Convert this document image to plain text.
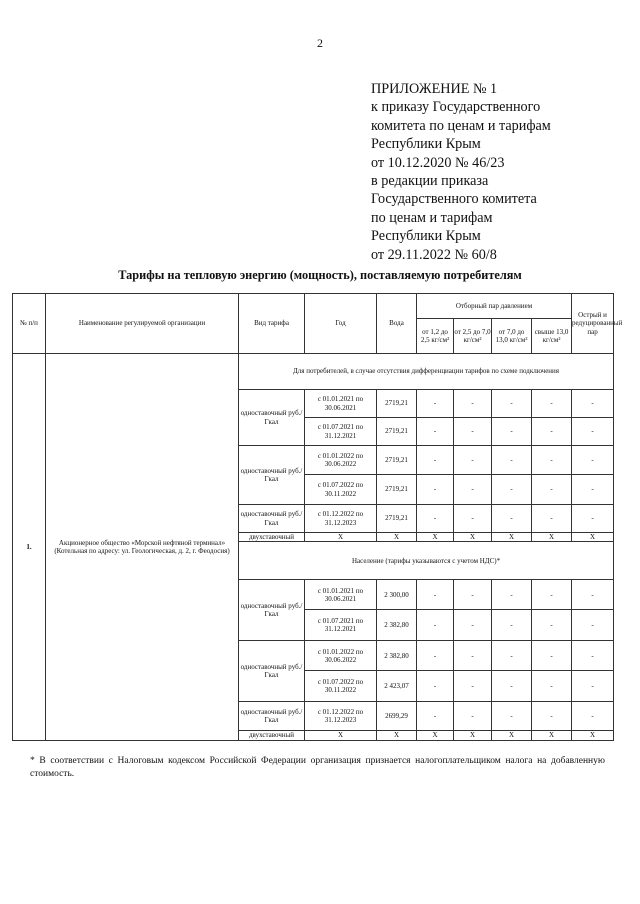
2
ПРИЛОЖЕНИЕ № 1
к приказу Государственного
комитета по ценам и тарифам
Республики Крым
от 10.12.2020 № 46/23
в редакции приказа
Государственного комитета
по ценам и тарифам
Республики Крым
от 29.11.2022 № 60/8
Тарифы на тепловую энергию (мощность), поставляемую потребителям
№ п/п	Наименование регулируемой организации	Вид тарифа	Год	Вода	Отборный пар давлением				Острый и редуцированный пар
					от 1,2 до 2,5 кг/см²	от 2,5 до 7,0 кг/см²	от 7,0 до 13,0 кг/см²	свыше 13,0 кг/см²	
1.	Акционерное общество «Морской нефтяной терминал» (Котельная по адресу: ул. Геологическая, д. 2, г. Феодосия)	Для потребителей, в случае отсутствия дифференциации тарифов по схеме подключения							
		одноставочный руб./Гкал	с 01.01.2021 по 30.06.2021	2719,21	-	-	-	-	-
			с 01.07.2021 по 31.12.2021	2719,21	-	-	-	-	-
		одноставочный руб./Гкал	с 01.01.2022 по 30.06.2022	2719,21	-	-	-	-	-
			с 01.07.2022 по 30.11.2022	2719,21	-	-	-	-	-
		одноставочный руб./Гкал	с 01.12.2022 по 31.12.2023	2719,21	-	-	-	-	-
		двухставочный	X	X	X	X	X	X	X
		Население (тарифы указываются с учетом НДС)*							
		одноставочный руб./Гкал	с 01.01.2021 по 30.06.2021	2 300,00	-	-	-	-	-
			с 01.07.2021 по 31.12.2021	2 382,80	-	-	-	-	-
		одноставочный руб./Гкал	с 01.01.2022 по 30.06.2022	2 382,80	-	-	-	-	-
			с 01.07.2022 по 30.11.2022	2 423,07	-	-	-	-	-
		одноставочный руб./Гкал	с 01.12.2022 по 31.12.2023	2699,29	-	-	-	-	-
		двухставочный	X	X	X	X	X	X	X
* В соответствии с Налоговым кодексом Российской Федерации организация признается налогоплательщиком налога на добавленную стоимость.
